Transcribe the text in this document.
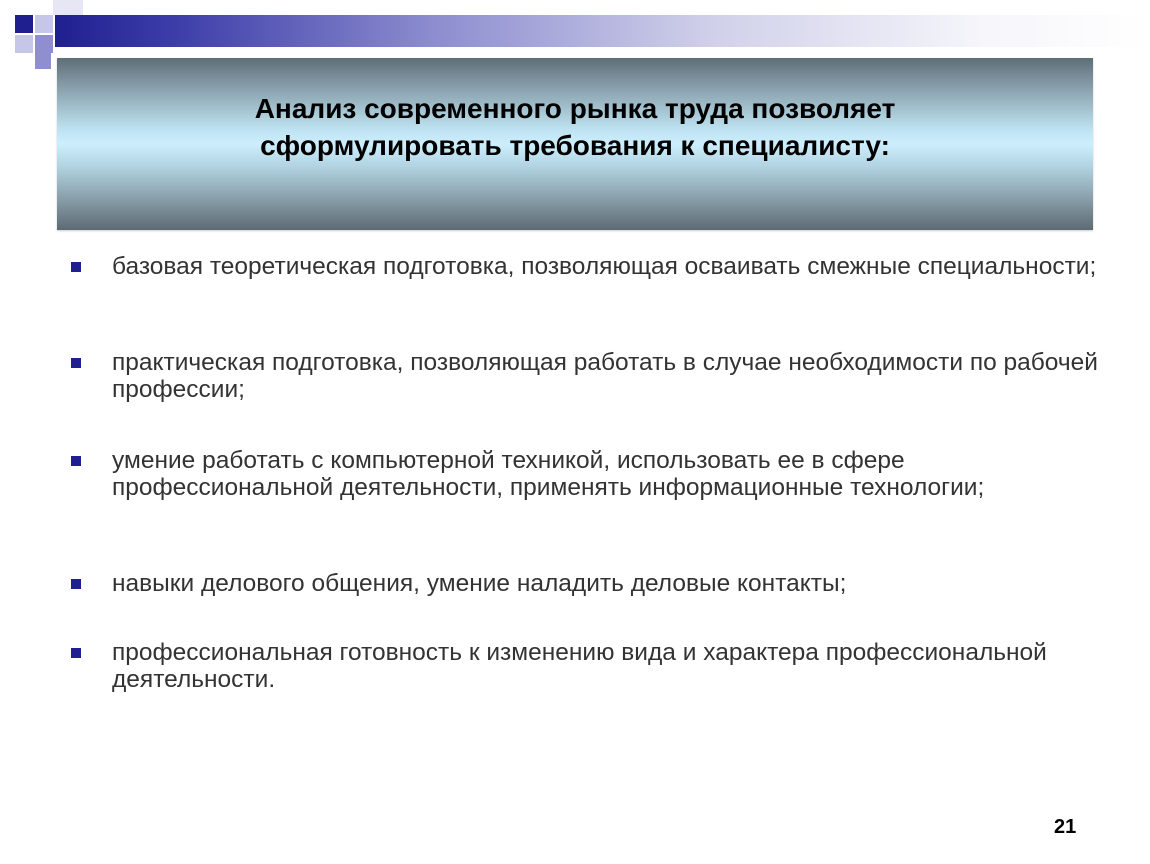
Анализ современного рынка труда позволяет
сформулировать требования к специалисту:
базовая теоретическая подготовка, позволяющая осваивать смежные специальности;
практическая подготовка, позволяющая работать в случае необходимости по рабочей профессии;
умение работать с компьютерной техникой, использовать ее в сфере профессиональной деятельности, применять информационные технологии;
навыки делового общения, умение наладить деловые контакты;
профессиональная готовность к изменению вида и характера профессиональной деятельности.
21
